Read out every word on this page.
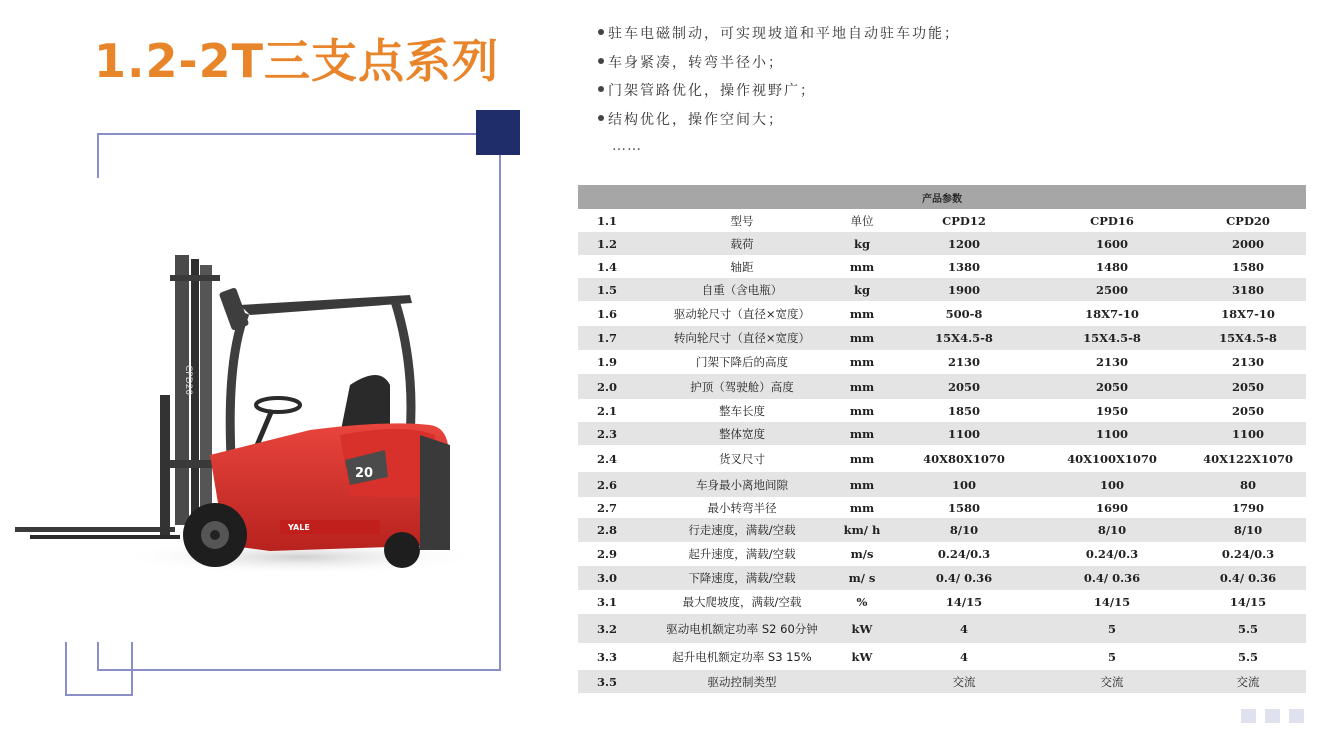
1.2-2T三支点系列
CPD20
YALE
20
驻车电磁制动，可实现坡道和平地自动驻车功能；
车身紧凑，转弯半径小；
门架管路优化，操作视野广；
结构优化，操作空间大；
……
产品参数					
1.1	型号	单位	CPD12	CPD16	CPD20
1.2	载荷	kg	1200	1600	2000
1.4	轴距	mm	1380	1480	1580
1.5	自重（含电瓶）	kg	1900	2500	3180
1.6	驱动轮尺寸（直径×宽度）	mm	500-8	18X7-10	18X7-10
1.7	转向轮尺寸（直径×宽度）	mm	15X4.5-8	15X4.5-8	15X4.5-8
1.9	门架下降后的高度	mm	2130	2130	2130
2.0	护顶（驾驶舱）高度	mm	2050	2050	2050
2.1	整车长度	mm	1850	1950	2050
2.3	整体宽度	mm	1100	1100	1100
2.4	货叉尺寸	mm	40X80X1070	40X100X1070	40X122X1070
2.6	车身最小离地间隙	mm	100	100	80
2.7	最小转弯半径	mm	1580	1690	1790
2.8	行走速度，满载/空载	km/ h	8/10	8/10	8/10
2.9	起升速度，满载/空载	m/s	0.24/0.3	0.24/0.3	0.24/0.3
3.0	下降速度，满载/空载	m/ s	0.4/ 0.36	0.4/ 0.36	0.4/ 0.36
3.1	最大爬坡度，满载/空载	%	14/15	14/15	14/15
3.2	驱动电机额定功率 S2 60分钟	kW	4	5	5.5
3.3	起升电机额定功率 S3 15%	kW	4	5	5.5
3.5	驱动控制类型		交流	交流	交流
